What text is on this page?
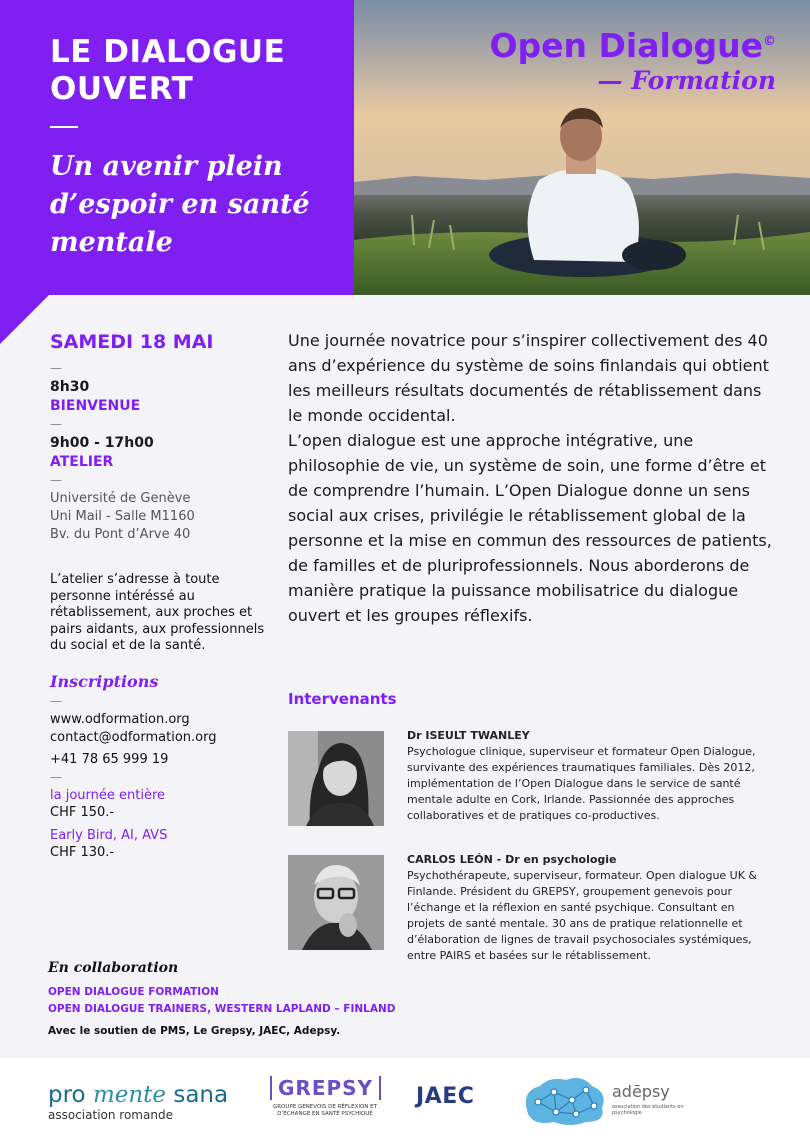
LE DIALOGUE OUVERT
Un avenir plein d’espoir en santé mentale
Open Dialogue©
— Formation
SAMEDI 18 MAI
—
8h30
BIENVENUE
—
9h00 - 17h00
ATELIER
—
Université de Genève
Uni Mail - Salle M1160
Bv. du Pont d’Arve 40
L’atelier s’adresse à toute personne intéréssé au rétablissement, aux proches et pairs aidants, aux professionnels du social et de la santé.
Inscriptions
—
www.odformation.org
contact@odformation.org
+41 78 65 999 19
—
la journée entière
CHF 150.-
Early Bird, AI, AVS
CHF 130.-
Une journée novatrice pour s’inspirer collectivement des 40 ans d’expérience du système de soins finlandais qui obtient les meilleurs résultats documentés de rétablissement dans le monde occidental.
L’open dialogue est une approche intégrative, une philosophie de vie, un système de soin, une forme d’être et de comprendre l’humain. L’Open Dialogue donne un sens social aux crises, privilégie le rétablissement global de la personne et la mise en commun des ressources de patients, de familles et de pluriprofessionnels. Nous aborderons de manière pratique la puissance mobilisatrice du dialogue ouvert et les groupes réflexifs.
Intervenants
Dr ISEULT TWANLEY
Psychologue clinique, superviseur et formateur Open Dialogue, survivante des expériences traumatiques familiales. Dès 2012, implémentation de l’Open Dialogue dans le service de santé mentale adulte en Cork, Irlande. Passionnée des approches collaboratives et de pratiques co-productives.
CARLOS LEÓN - Dr en psychologie
Psychothérapeute, superviseur, formateur. Open dialogue UK & Finlande. Président du GREPSY, groupement genevois pour l’échange et la réflexion en santé psychique. Consultant en projets de santé mentale. 30 ans de pratique relationnelle et d’élaboration de lignes de travail psychosociales systémiques, entre PAIRS et basées sur le rétablissement.
En collaboration
OPEN DIALOGUE FORMATION
OPEN DIALOGUE TRAINERS, WESTERN LAPLAND – FINLAND
Avec le soutien de PMS, Le Grepsy, JAEC, Adepsy.
pro mente sana
association romande
GREPSY
GROUPE GENEVOIS DE RÉFLEXION ET D’ÉCHANGE EN SANTÉ PSYCHIQUE
JAEC	adēpsy
association des étudiants en psychologie
